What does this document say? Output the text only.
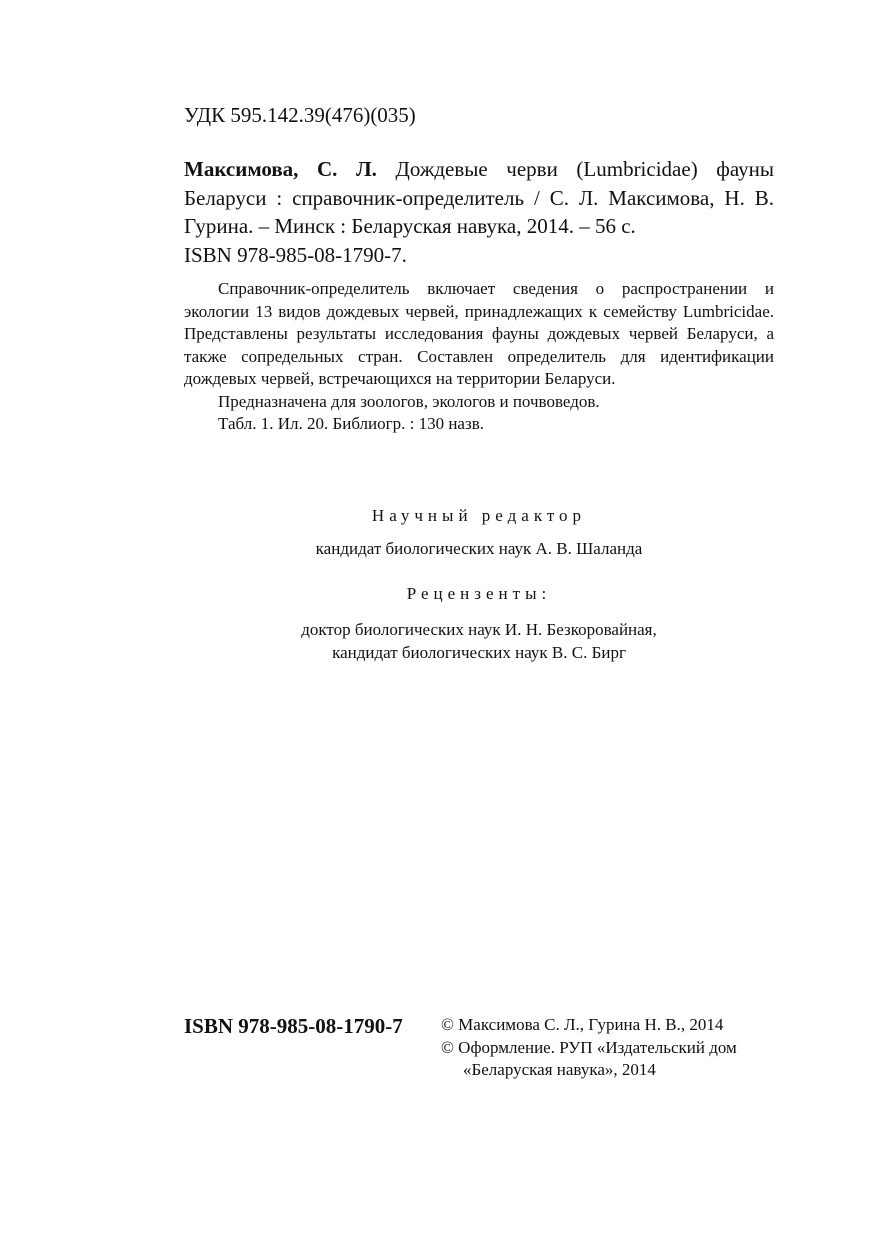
УДК 595.142.39(476)(035)
Максимова, С. Л. Дождевые черви (Lumbricidae) фауны Беларуси : справочник-определитель / С. Л. Максимова, Н. В. Гурина. – Минск : Беларуская навука, 2014. – 56 с.
ISBN 978-985-08-1790-7.

Справочник-определитель включает сведения о распространении и экологии 13 видов дождевых червей, принадлежащих к семейству Lumbricidae. Представлены результаты исследования фауны дождевых червей Беларуси, а также сопредельных стран. Составлен определитель для идентификации дождевых червей, встречающихся на территории Беларуси.

Предназначена для зоологов, экологов и почвоведов.

Табл. 1. Ил. 20. Библиогр. : 130 назв.

Научный редактор
кандидат биологических наук А. В. Шаланда
Рецензенты:
доктор биологических наук И. Н. Безкоровайная,
кандидат биологических наук В. С. Бирг
ISBN 978-985-08-1790-7 © Максимова С. Л., Гурина Н. В., 2014
© Оформление. РУП «Издательский дом
«Беларуская навука», 2014
